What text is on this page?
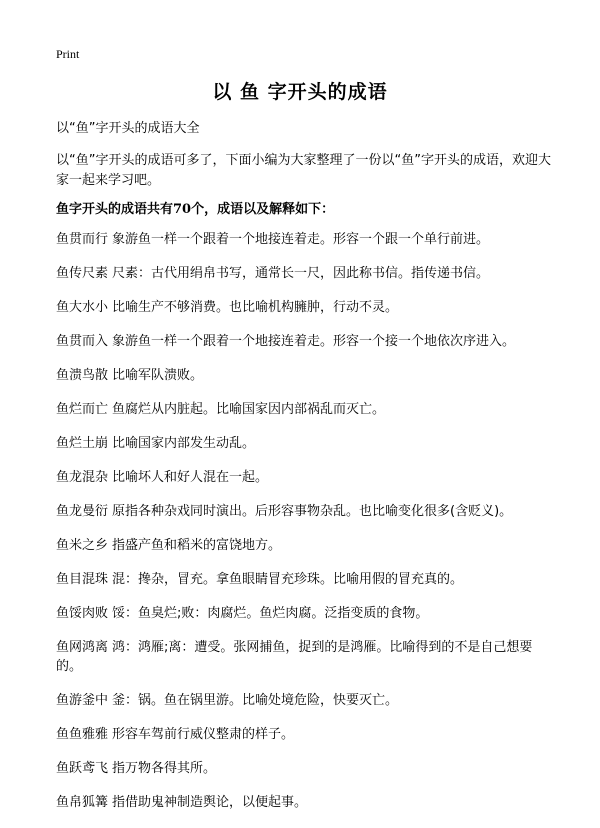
Print
以 鱼 字开头的成语
以“鱼”字开头的成语大全
以“鱼”字开头的成语可多了，下面小编为大家整理了一份以“鱼”字开头的成语，欢迎大家一起来学习吧。
鱼字开头的成语共有70个，成语以及解释如下：

鱼贯而行 象游鱼一样一个跟着一个地接连着走。形容一个跟一个单行前进。

鱼传尺素 尺素：古代用绢帛书写，通常长一尺，因此称书信。指传递书信。

鱼大水小 比喻生产不够消费。也比喻机构臃肿，行动不灵。

鱼贯而入 象游鱼一样一个跟着一个地接连着走。形容一个接一个地依次序进入。

鱼溃鸟散 比喻军队溃败。

鱼烂而亡 鱼腐烂从内脏起。比喻国家因内部祸乱而灭亡。

鱼烂土崩 比喻国家内部发生动乱。

鱼龙混杂 比喻坏人和好人混在一起。

鱼龙曼衍 原指各种杂戏同时演出。后形容事物杂乱。也比喻变化很多(含贬义)。

鱼米之乡 指盛产鱼和稻米的富饶地方。

鱼目混珠 混：搀杂，冒充。拿鱼眼睛冒充珍珠。比喻用假的冒充真的。

鱼馁肉败 馁：鱼臭烂;败：肉腐烂。鱼烂肉腐。泛指变质的食物。

鱼网鸿离 鸿：鸿雁;离：遭受。张网捕鱼，捉到的是鸿雁。比喻得到的不是自己想要的。

鱼游釜中 釜：锅。鱼在锅里游。比喻处境危险，快要灭亡。

鱼鱼雅雅 形容车驾前行威仪整肃的样子。

鱼跃鸢飞 指万物各得其所。

鱼帛狐篝 指借助鬼神制造舆论，以便起事。
